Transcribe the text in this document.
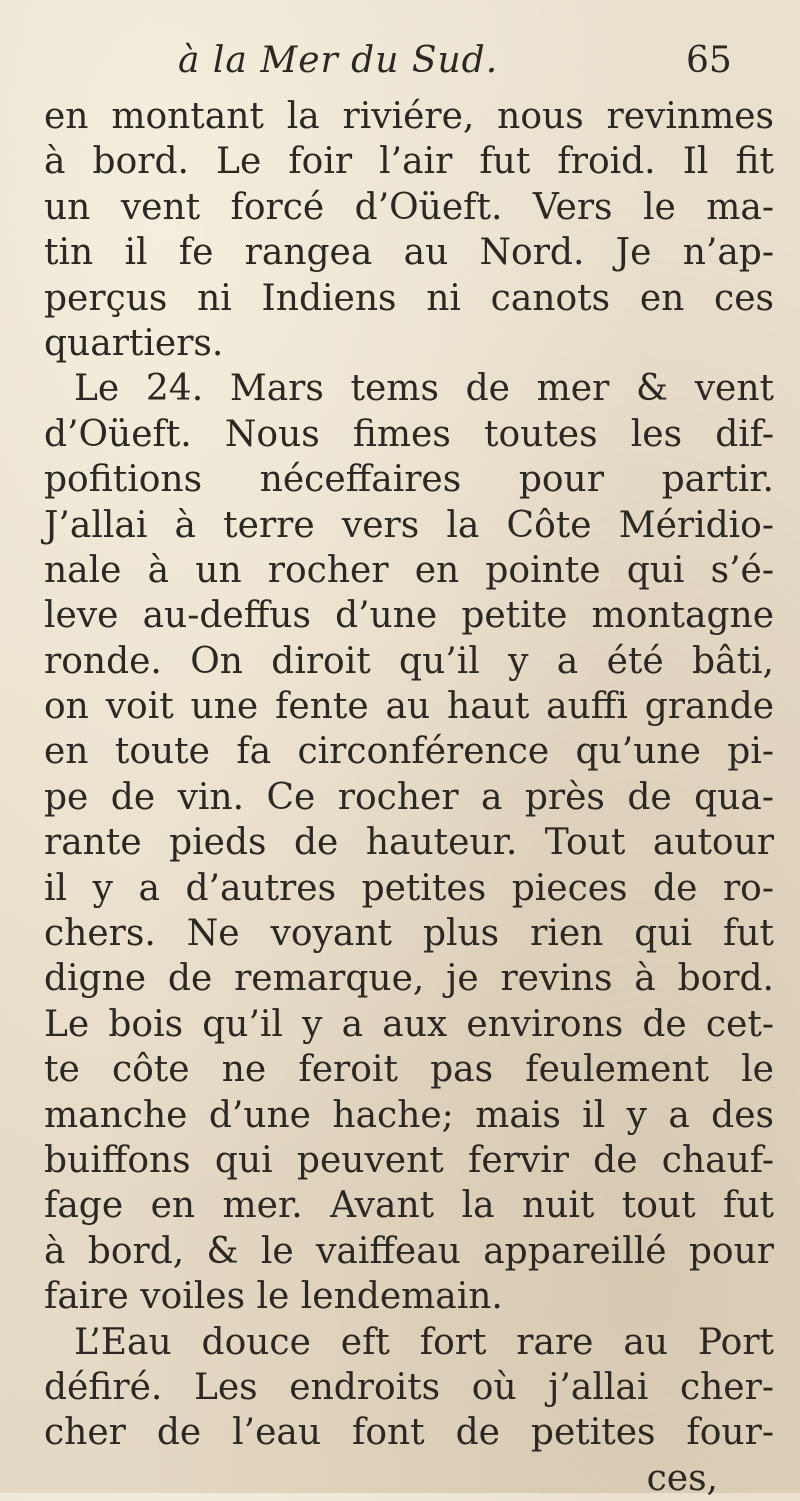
à la Mer du Sud.	65
en montant la riviére, nous revinmes
à bord. Le foir l’air fut froid. Il fit
un vent forcé d’Oüeft. Vers le ma-
tin il fe rangea au Nord. Je n’ap-
perçus ni Indiens ni canots en ces
quartiers.
Le 24. Mars tems de mer & vent
d’Oüeft. Nous fimes toutes les dif-
pofitions néceffaires pour partir.
J’allai à terre vers la Côte Méridio-
nale à un rocher en pointe qui s’é-
leve au-deffus d’une petite montagne
ronde. On diroit qu’il y a été bâti,
on voit une fente au haut auffi grande
en toute fa circonférence qu’une pi-
pe de vin. Ce rocher a près de qua-
rante pieds de hauteur. Tout autour
il y a d’autres petites pieces de ro-
chers. Ne voyant plus rien qui fut
digne de remarque, je revins à bord.
Le bois qu’il y a aux environs de cet-
te côte ne feroit pas feulement le
manche d’une hache; mais il y a des
buiffons qui peuvent fervir de chauf-
fage en mer. Avant la nuit tout fut
à bord, & le vaiffeau appareillé pour
faire voiles le lendemain.
L’Eau douce eft fort rare au Port
défiré. Les endroits où j’allai cher-
cher de l’eau font de petites four-
ces,
